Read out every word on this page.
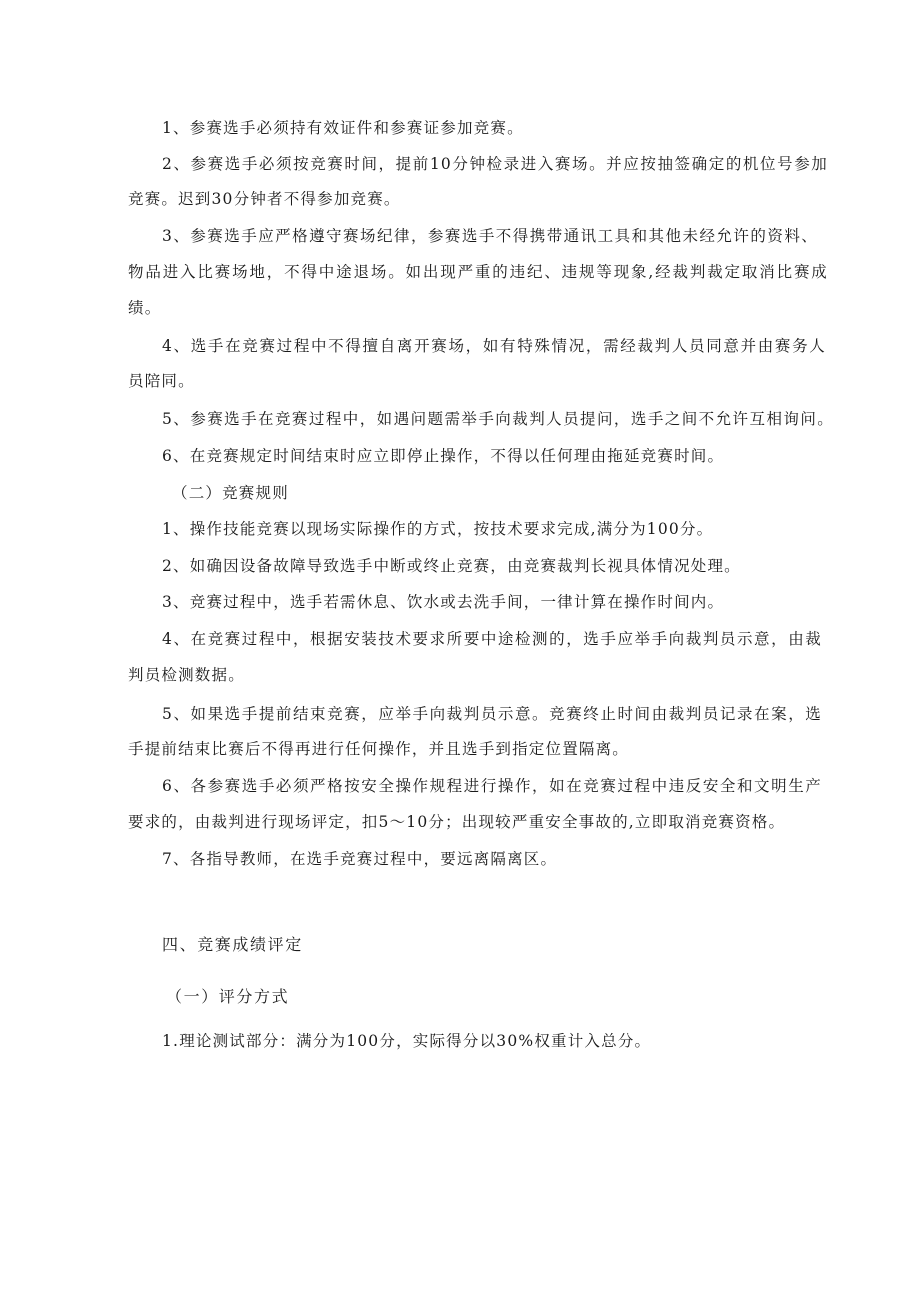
1、参赛选手必须持有效证件和参赛证参加竞赛。

2、参赛选手必须按竞赛时间，提前10分钟检录进入赛场。并应按抽签确定的机位号参加

竞赛。迟到30分钟者不得参加竞赛。

3、参赛选手应严格遵守赛场纪律，参赛选手不得携带通讯工具和其他未经允许的资料、

物品进入比赛场地，不得中途退场。如出现严重的违纪、违规等现象,经裁判裁定取消比赛成

绩。

4、选手在竞赛过程中不得擅自离开赛场，如有特殊情况，需经裁判人员同意并由赛务人

员陪同。

5、参赛选手在竞赛过程中，如遇问题需举手向裁判人员提问，选手之间不允许互相询问。

6、在竞赛规定时间结束时应立即停止操作，不得以任何理由拖延竞赛时间。

（二）竞赛规则

1、操作技能竞赛以现场实际操作的方式，按技术要求完成,满分为100分。

2、如确因设备故障导致选手中断或终止竞赛，由竞赛裁判长视具体情况处理。

3、竞赛过程中，选手若需休息、饮水或去洗手间，一律计算在操作时间内。

4、在竞赛过程中，根据安装技术要求所要中途检测的，选手应举手向裁判员示意，由裁

判员检测数据。

5、如果选手提前结束竞赛，应举手向裁判员示意。竞赛终止时间由裁判员记录在案，选

手提前结束比赛后不得再进行任何操作，并且选手到指定位置隔离。

6、各参赛选手必须严格按安全操作规程进行操作，如在竞赛过程中违反安全和文明生产

要求的，由裁判进行现场评定，扣5～10分；出现较严重安全事故的,立即取消竞赛资格。

7、各指导教师，在选手竞赛过程中，要远离隔离区。

四、竞赛成绩评定

（一）评分方式

1.理论测试部分：满分为100分，实际得分以30%权重计入总分。
